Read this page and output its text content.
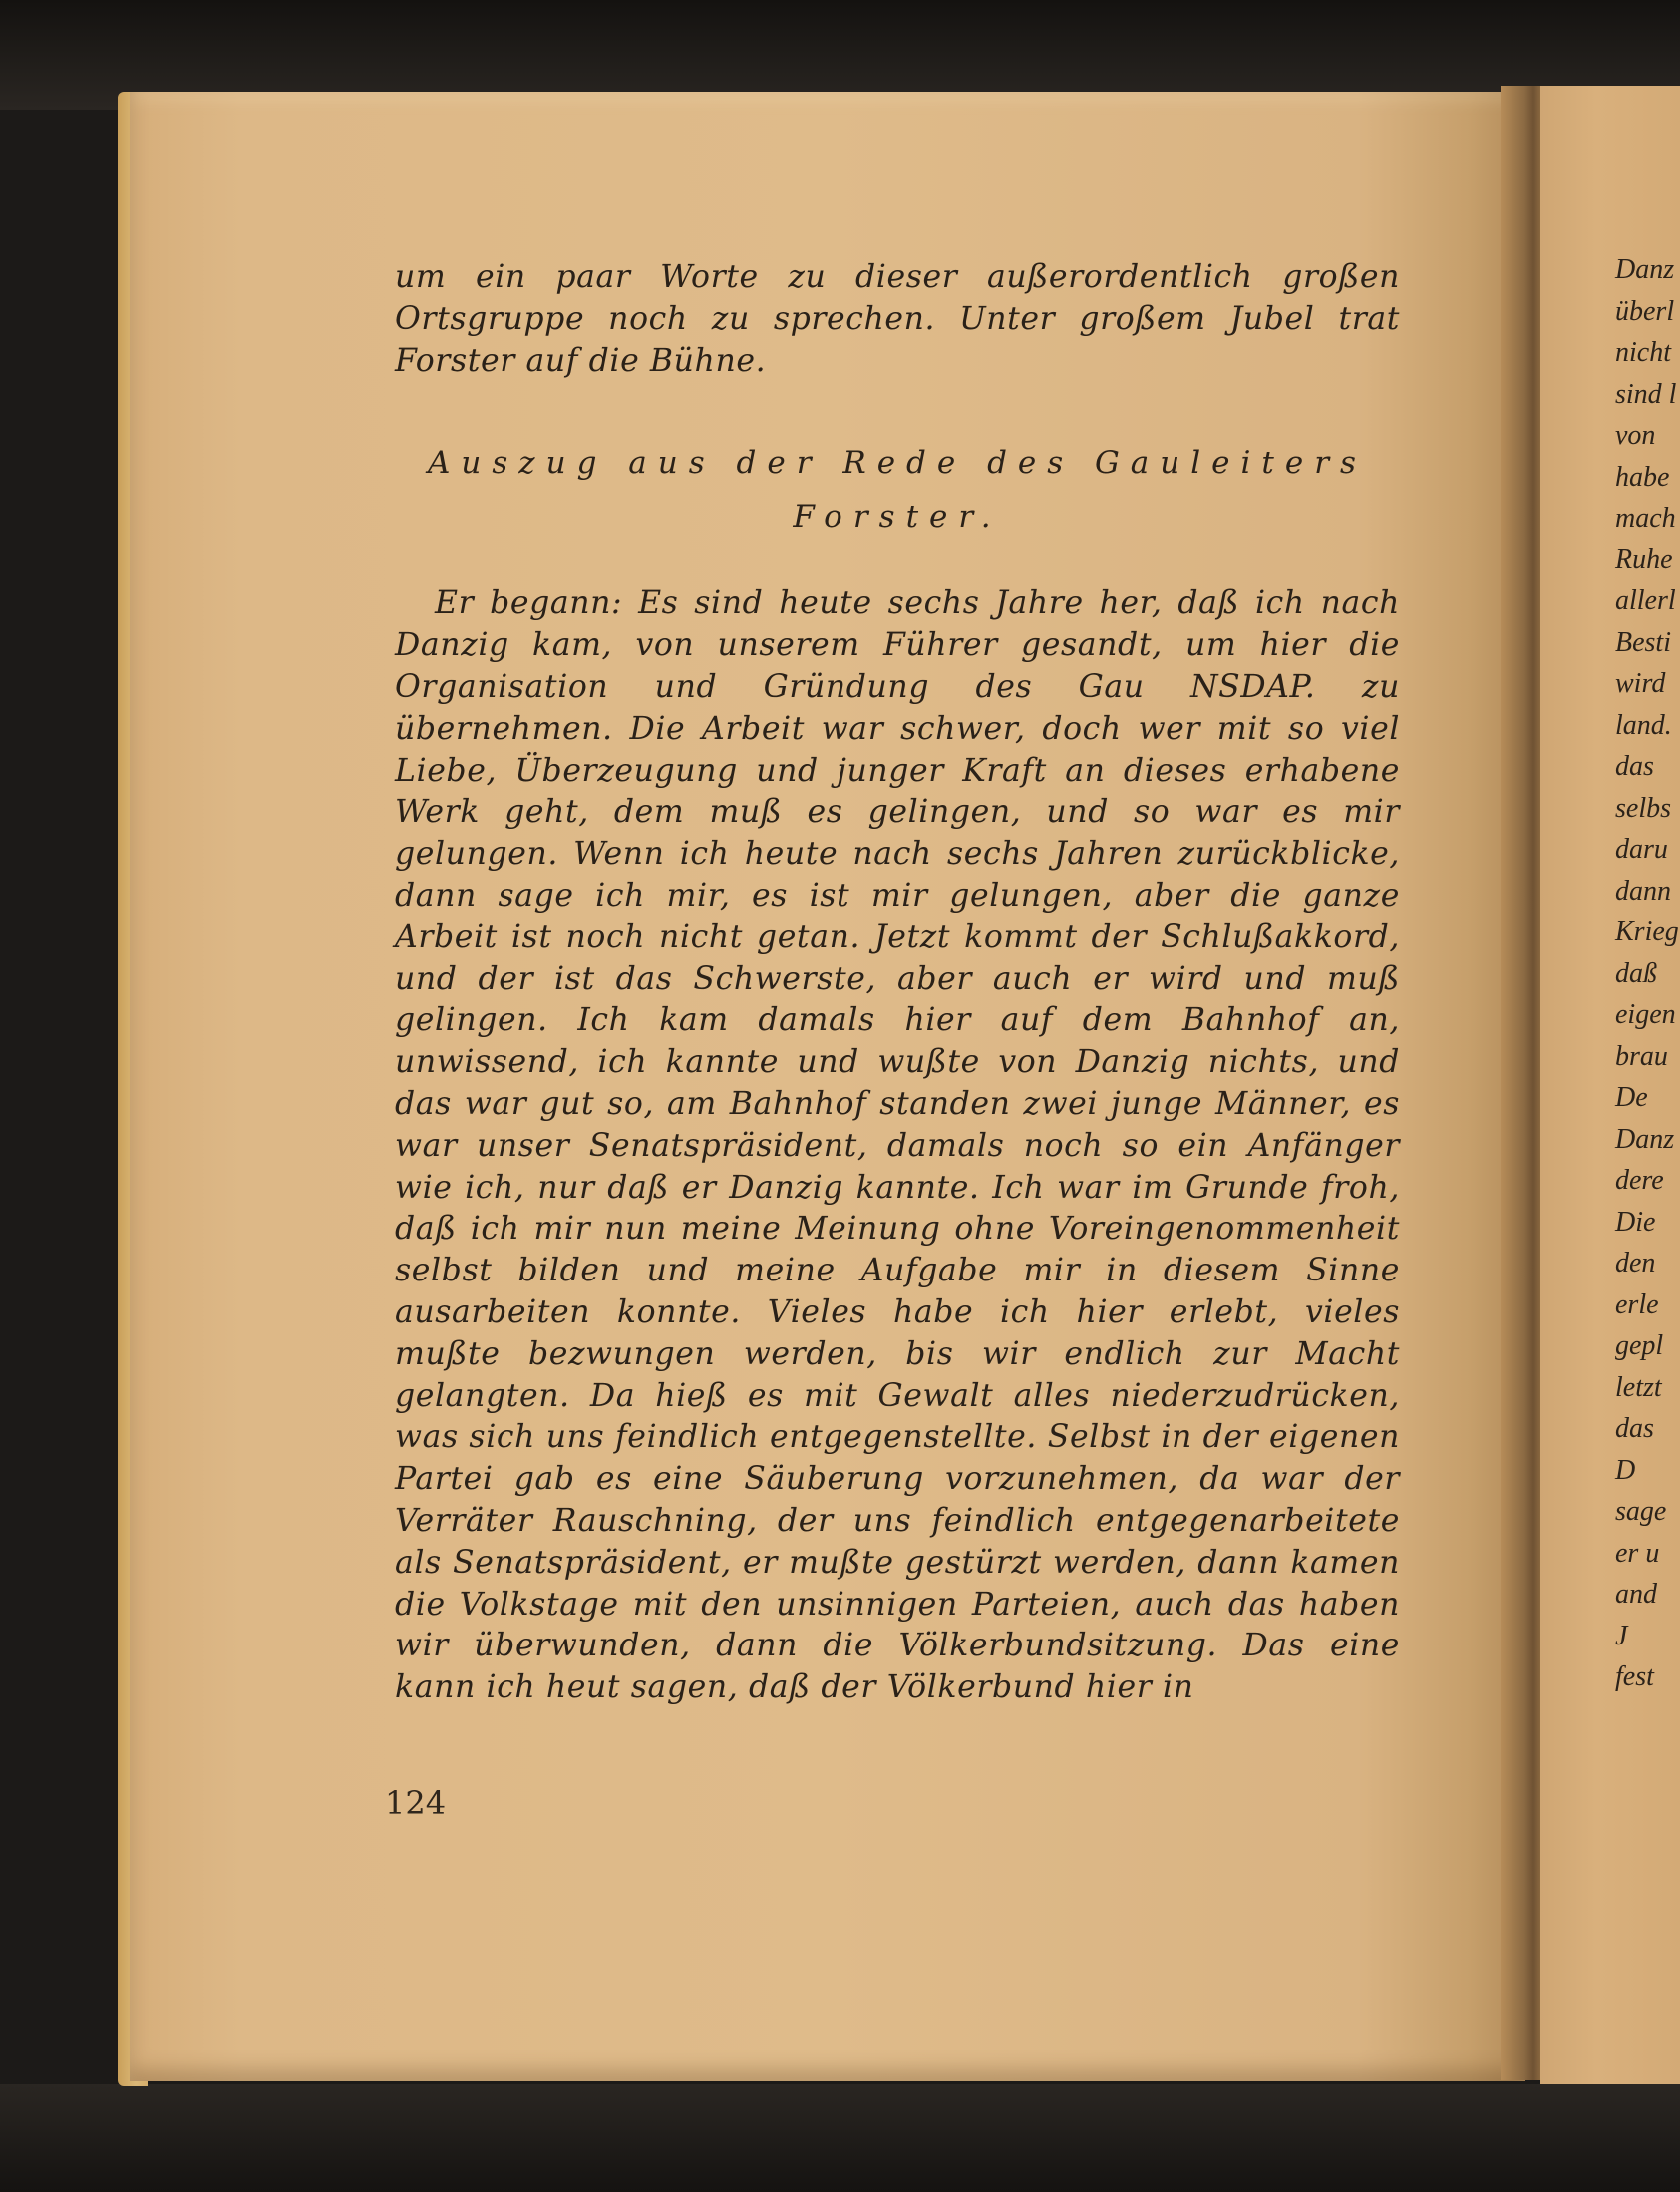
um ein paar Worte zu dieser außerordentlich großen Ortsgruppe noch zu sprechen. Unter großem Jubel trat Forster auf die Bühne.

Auszug aus der Rede des Gauleiters
Forster.

Er begann: Es sind heute sechs Jahre her, daß ich nach Danzig kam, von unserem Führer gesandt, um hier die Organisation und Gründung des Gau NSDAP. zu übernehmen. Die Arbeit war schwer, doch wer mit so viel Liebe, Überzeugung und junger Kraft an dieses erhabene Werk geht, dem muß es gelingen, und so war es mir gelungen. Wenn ich heute nach sechs Jahren zurückblicke, dann sage ich mir, es ist mir gelungen, aber die ganze Arbeit ist noch nicht getan. Jetzt kommt der Schlußakkord, und der ist das Schwerste, aber auch er wird und muß gelingen. Ich kam damals hier auf dem Bahnhof an, unwissend, ich kannte und wußte von Danzig nichts, und das war gut so, am Bahnhof standen zwei junge Männer, es war unser Senatspräsident, damals noch so ein Anfänger wie ich, nur daß er Danzig kannte. Ich war im Grunde froh, daß ich mir nun meine Meinung ohne Voreingenommenheit selbst bilden und meine Aufgabe mir in diesem Sinne ausarbeiten konnte. Vieles habe ich hier erlebt, vieles mußte bezwungen werden, bis wir endlich zur Macht gelangten. Da hieß es mit Gewalt alles niederzudrücken, was sich uns feindlich entgegenstellte. Selbst in der eigenen Partei gab es eine Säuberung vorzunehmen, da war der Verräter Rauschning, der uns feindlich entgegenarbeitete als Senatspräsident, er mußte gestürzt werden, dann kamen die Volkstage mit den unsinnigen Parteien, auch das haben wir überwunden, dann die Völkerbundsitzung. Das eine kann ich heut sagen, daß der Völkerbund hier in

124
Danz
überl
nicht
sind l
von
habe
mach
Ruhe
allerl
Besti
wird
land.
das
selbs
daru
dann
Krieg
daß
eigen
brau
De
Danz
dere
Die
den
erle
gepl
letzt
das
D
sage
er u
and
J
fest
